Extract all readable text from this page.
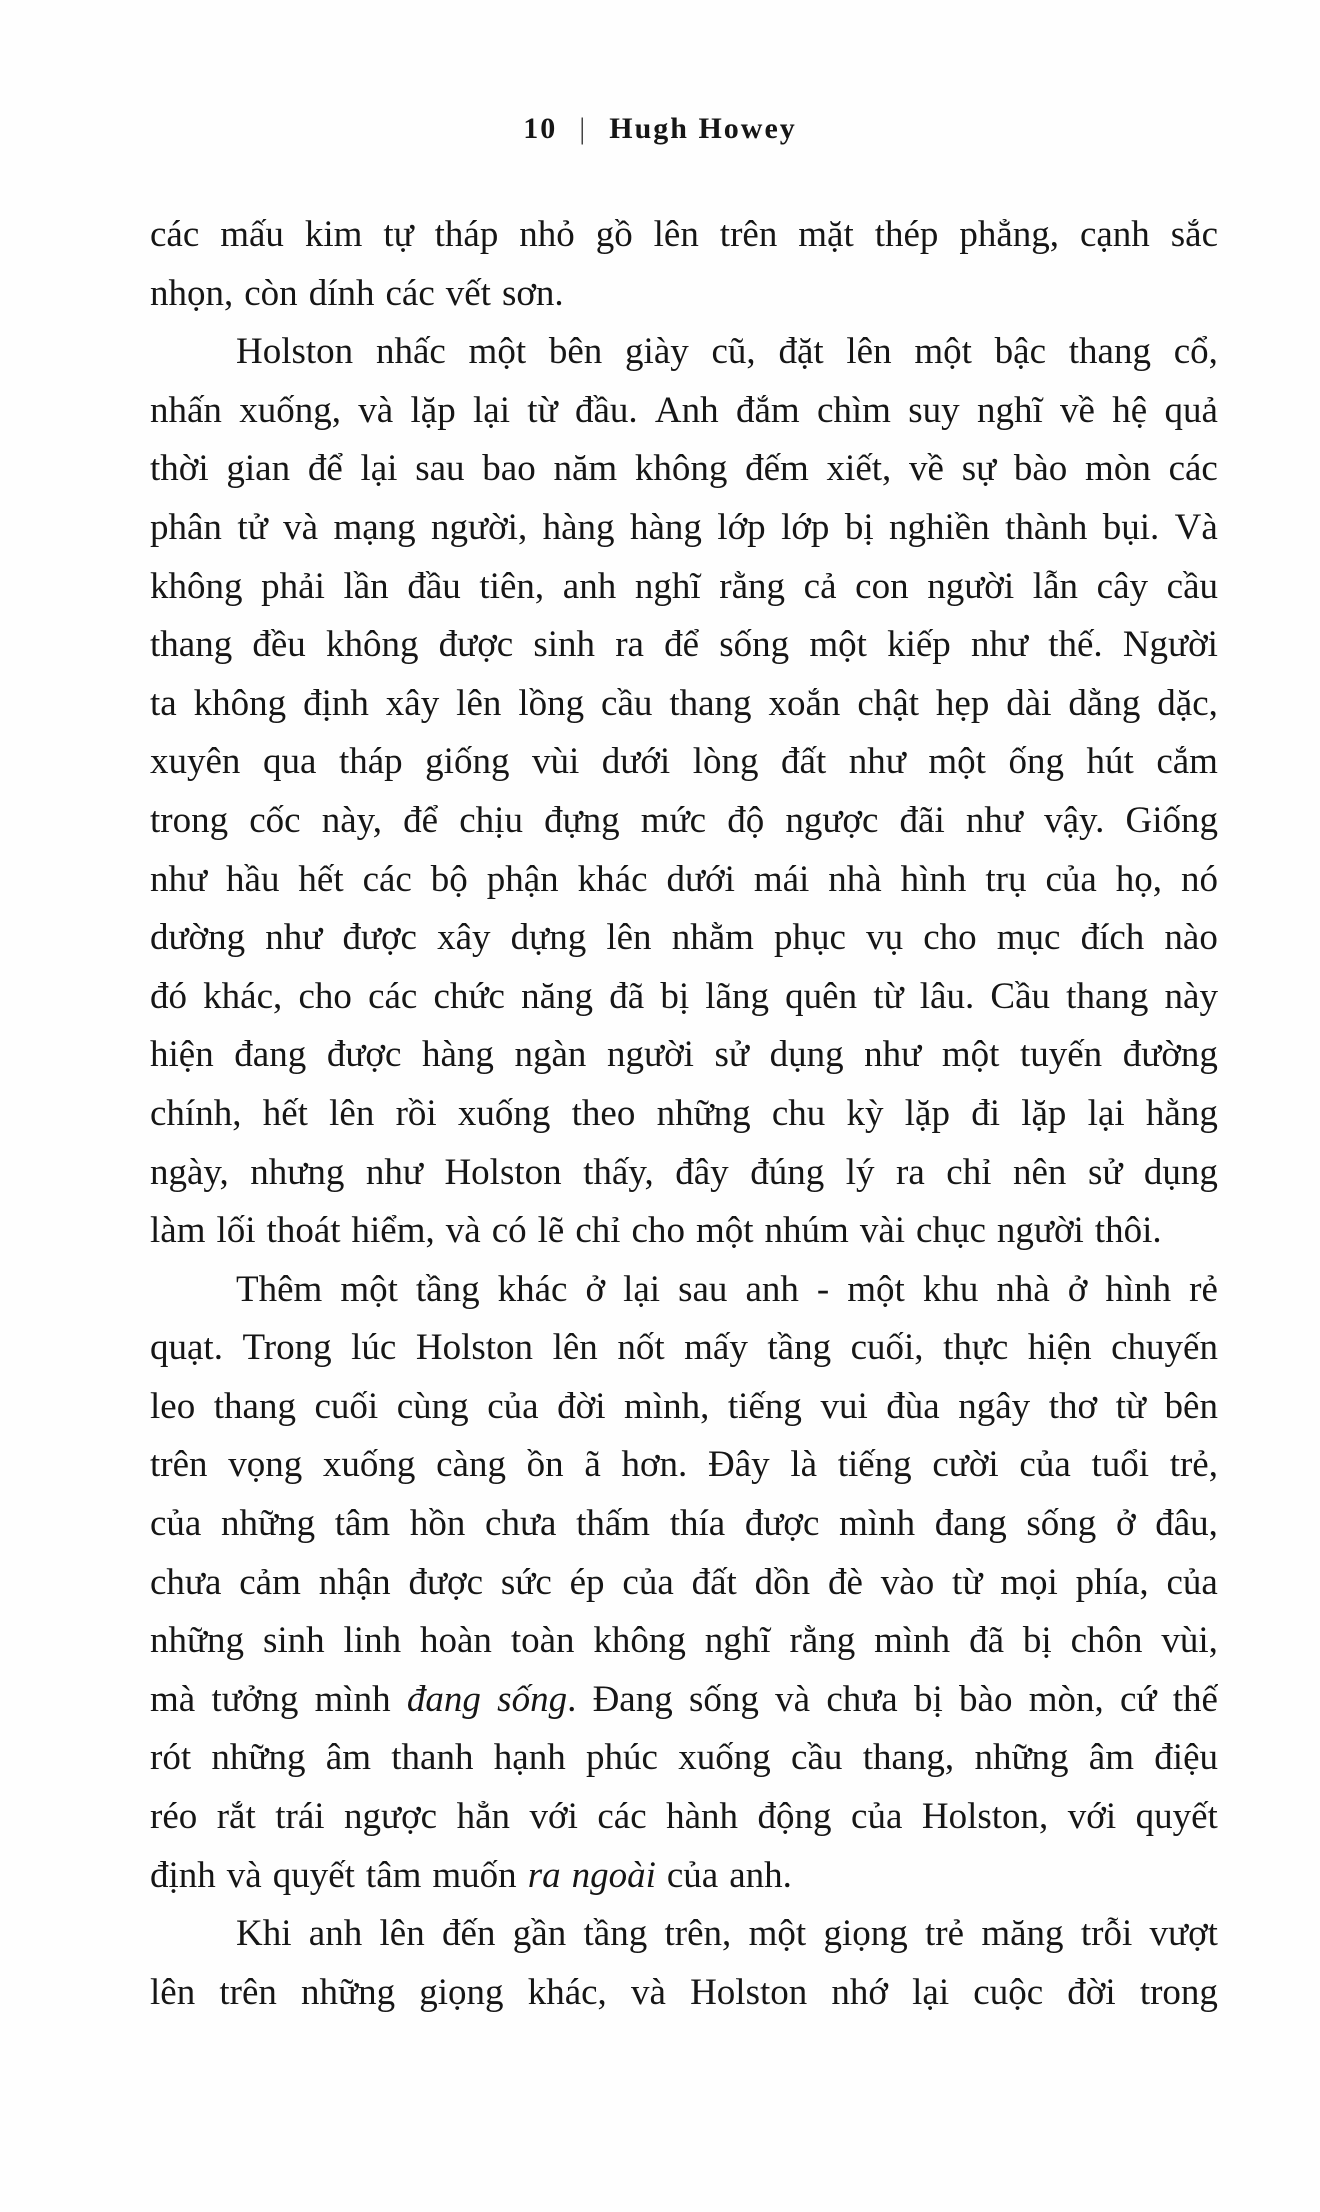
10 | Hugh Howey
các mấu kim tự tháp nhỏ gồ lên trên mặt thép phẳng, cạnh sắc
nhọn, còn dính các vết sơn.
Holston nhấc một bên giày cũ, đặt lên một bậc thang cổ,
nhấn xuống, và lặp lại từ đầu. Anh đắm chìm suy nghĩ về hệ quả
thời gian để lại sau bao năm không đếm xiết, về sự bào mòn các
phân tử và mạng người, hàng hàng lớp lớp bị nghiền thành bụi. Và
không phải lần đầu tiên, anh nghĩ rằng cả con người lẫn cây cầu
thang đều không được sinh ra để sống một kiếp như thế. Người
ta không định xây lên lồng cầu thang xoắn chật hẹp dài dằng dặc,
xuyên qua tháp giống vùi dưới lòng đất như một ống hút cắm
trong cốc này, để chịu đựng mức độ ngược đãi như vậy. Giống
như hầu hết các bộ phận khác dưới mái nhà hình trụ của họ, nó
dường như được xây dựng lên nhằm phục vụ cho mục đích nào
đó khác, cho các chức năng đã bị lãng quên từ lâu. Cầu thang này
hiện đang được hàng ngàn người sử dụng như một tuyến đường
chính, hết lên rồi xuống theo những chu kỳ lặp đi lặp lại hằng
ngày, nhưng như Holston thấy, đây đúng lý ra chỉ nên sử dụng
làm lối thoát hiểm, và có lẽ chỉ cho một nhúm vài chục người thôi.
Thêm một tầng khác ở lại sau anh - một khu nhà ở hình rẻ
quạt. Trong lúc Holston lên nốt mấy tầng cuối, thực hiện chuyến
leo thang cuối cùng của đời mình, tiếng vui đùa ngây thơ từ bên
trên vọng xuống càng ồn ã hơn. Đây là tiếng cười của tuổi trẻ,
của những tâm hồn chưa thấm thía được mình đang sống ở đâu,
chưa cảm nhận được sức ép của đất dồn đè vào từ mọi phía, của
những sinh linh hoàn toàn không nghĩ rằng mình đã bị chôn vùi,
mà tưởng mình đang sống. Đang sống và chưa bị bào mòn, cứ thế
rót những âm thanh hạnh phúc xuống cầu thang, những âm điệu
réo rắt trái ngược hẳn với các hành động của Holston, với quyết
định và quyết tâm muốn ra ngoài của anh.
Khi anh lên đến gần tầng trên, một giọng trẻ măng trỗi vượt
lên trên những giọng khác, và Holston nhớ lại cuộc đời trong
